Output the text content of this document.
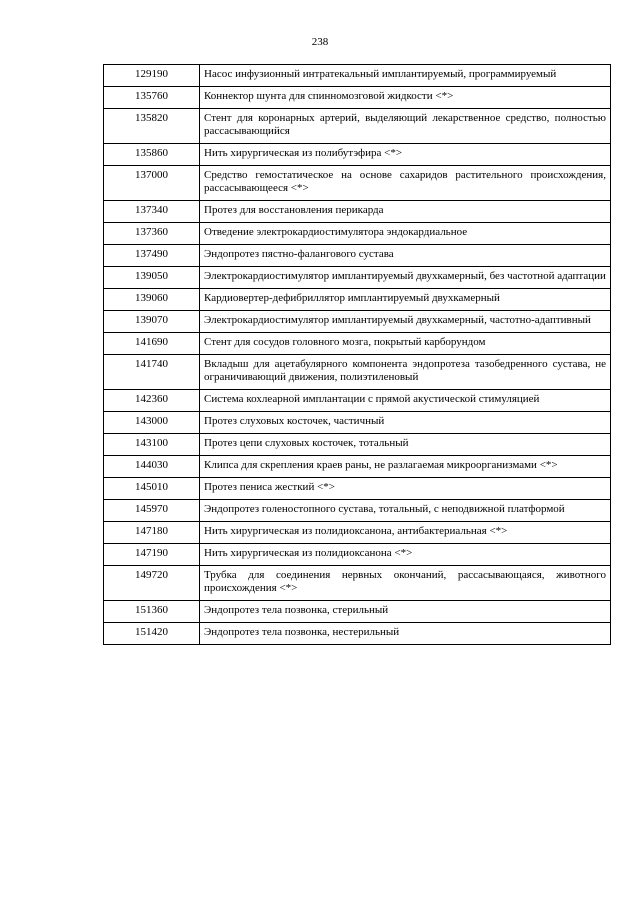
238
129190	Насос инфузионный интратекальный имплантируемый, программируемый
135760	Коннектор шунта для спинномозговой жидкости <*>
135820	Стент для коронарных артерий, выделяющий лекарственное средство, полностью рассасывающийся
135860	Нить хирургическая из полибутэфира <*>
137000	Средство гемостатическое на основе сахаридов растительного происхождения, рассасывающееся <*>
137340	Протез для восстановления перикарда
137360	Отведение электрокардиостимулятора эндокардиальное
137490	Эндопротез пястно-фалангового сустава
139050	Электрокардиостимулятор имплантируемый двухкамерный, без частотной адаптации
139060	Кардиовертер-дефибриллятор имплантируемый двухкамерный
139070	Электрокардиостимулятор имплантируемый двухкамерный, частотно-адаптивный
141690	Стент для сосудов головного мозга, покрытый карборундом
141740	Вкладыш для ацетабулярного компонента эндопротеза тазобедренного сустава, не ограничивающий движения, полиэтиленовый
142360	Система кохлеарной имплантации с прямой акустической стимуляцией
143000	Протез слуховых косточек, частичный
143100	Протез цепи слуховых косточек, тотальный
144030	Клипса для скрепления краев раны, не разлагаемая микроорганизмами <*>
145010	Протез пениса жесткий <*>
145970	Эндопротез голеностопного сустава, тотальный, с неподвижной платформой
147180	Нить хирургическая из полидиоксанона, антибактериальная <*>
147190	Нить хирургическая из полидиоксанона <*>
149720	Трубка для соединения нервных окончаний, рассасывающаяся, животного происхождения <*>
151360	Эндопротез тела позвонка, стерильный
151420	Эндопротез тела позвонка, нестерильный
